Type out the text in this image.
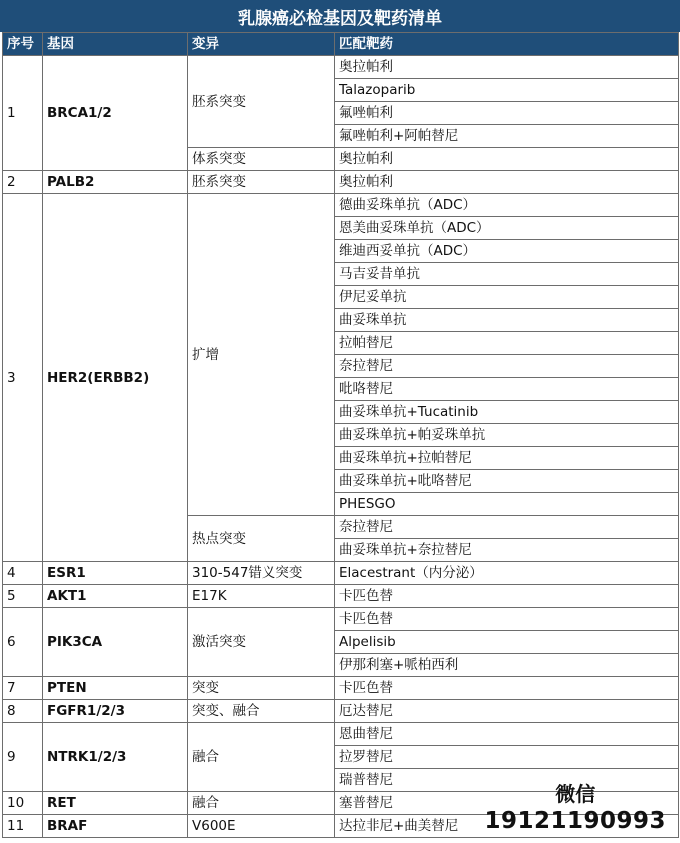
乳腺癌必检基因及靶药清单
序号	基因	变异	匹配靶药
1	BRCA1/2	胚系突变	奥拉帕利
			Talazoparib
			氟唑帕利
			氟唑帕利+阿帕替尼
		体系突变	奥拉帕利
2	PALB2	胚系突变	奥拉帕利
3	HER2(ERBB2)	扩增	德曲妥珠单抗（ADC）
			恩美曲妥珠单抗（ADC）
			维迪西妥单抗（ADC）
			马吉妥昔单抗
			伊尼妥单抗
			曲妥珠单抗
			拉帕替尼
			奈拉替尼
			吡咯替尼
			曲妥珠单抗+Tucatinib
			曲妥珠单抗+帕妥珠单抗
			曲妥珠单抗+拉帕替尼
			曲妥珠单抗+吡咯替尼
			PHESGO
		热点突变	奈拉替尼
			曲妥珠单抗+奈拉替尼
4	ESR1	310-547错义突变	Elacestrant（内分泌）
5	AKT1	E17K	卡匹色替
6	PIK3CA	激活突变	卡匹色替
			Alpelisib
			伊那利塞+哌柏西利
7	PTEN	突变	卡匹色替
8	FGFR1/2/3	突变、融合	厄达替尼
9	NTRK1/2/3	融合	恩曲替尼
			拉罗替尼
			瑞普替尼
10	RET	融合	塞普替尼
11	BRAF	V600E	达拉非尼+曲美替尼
微信
19121190993
